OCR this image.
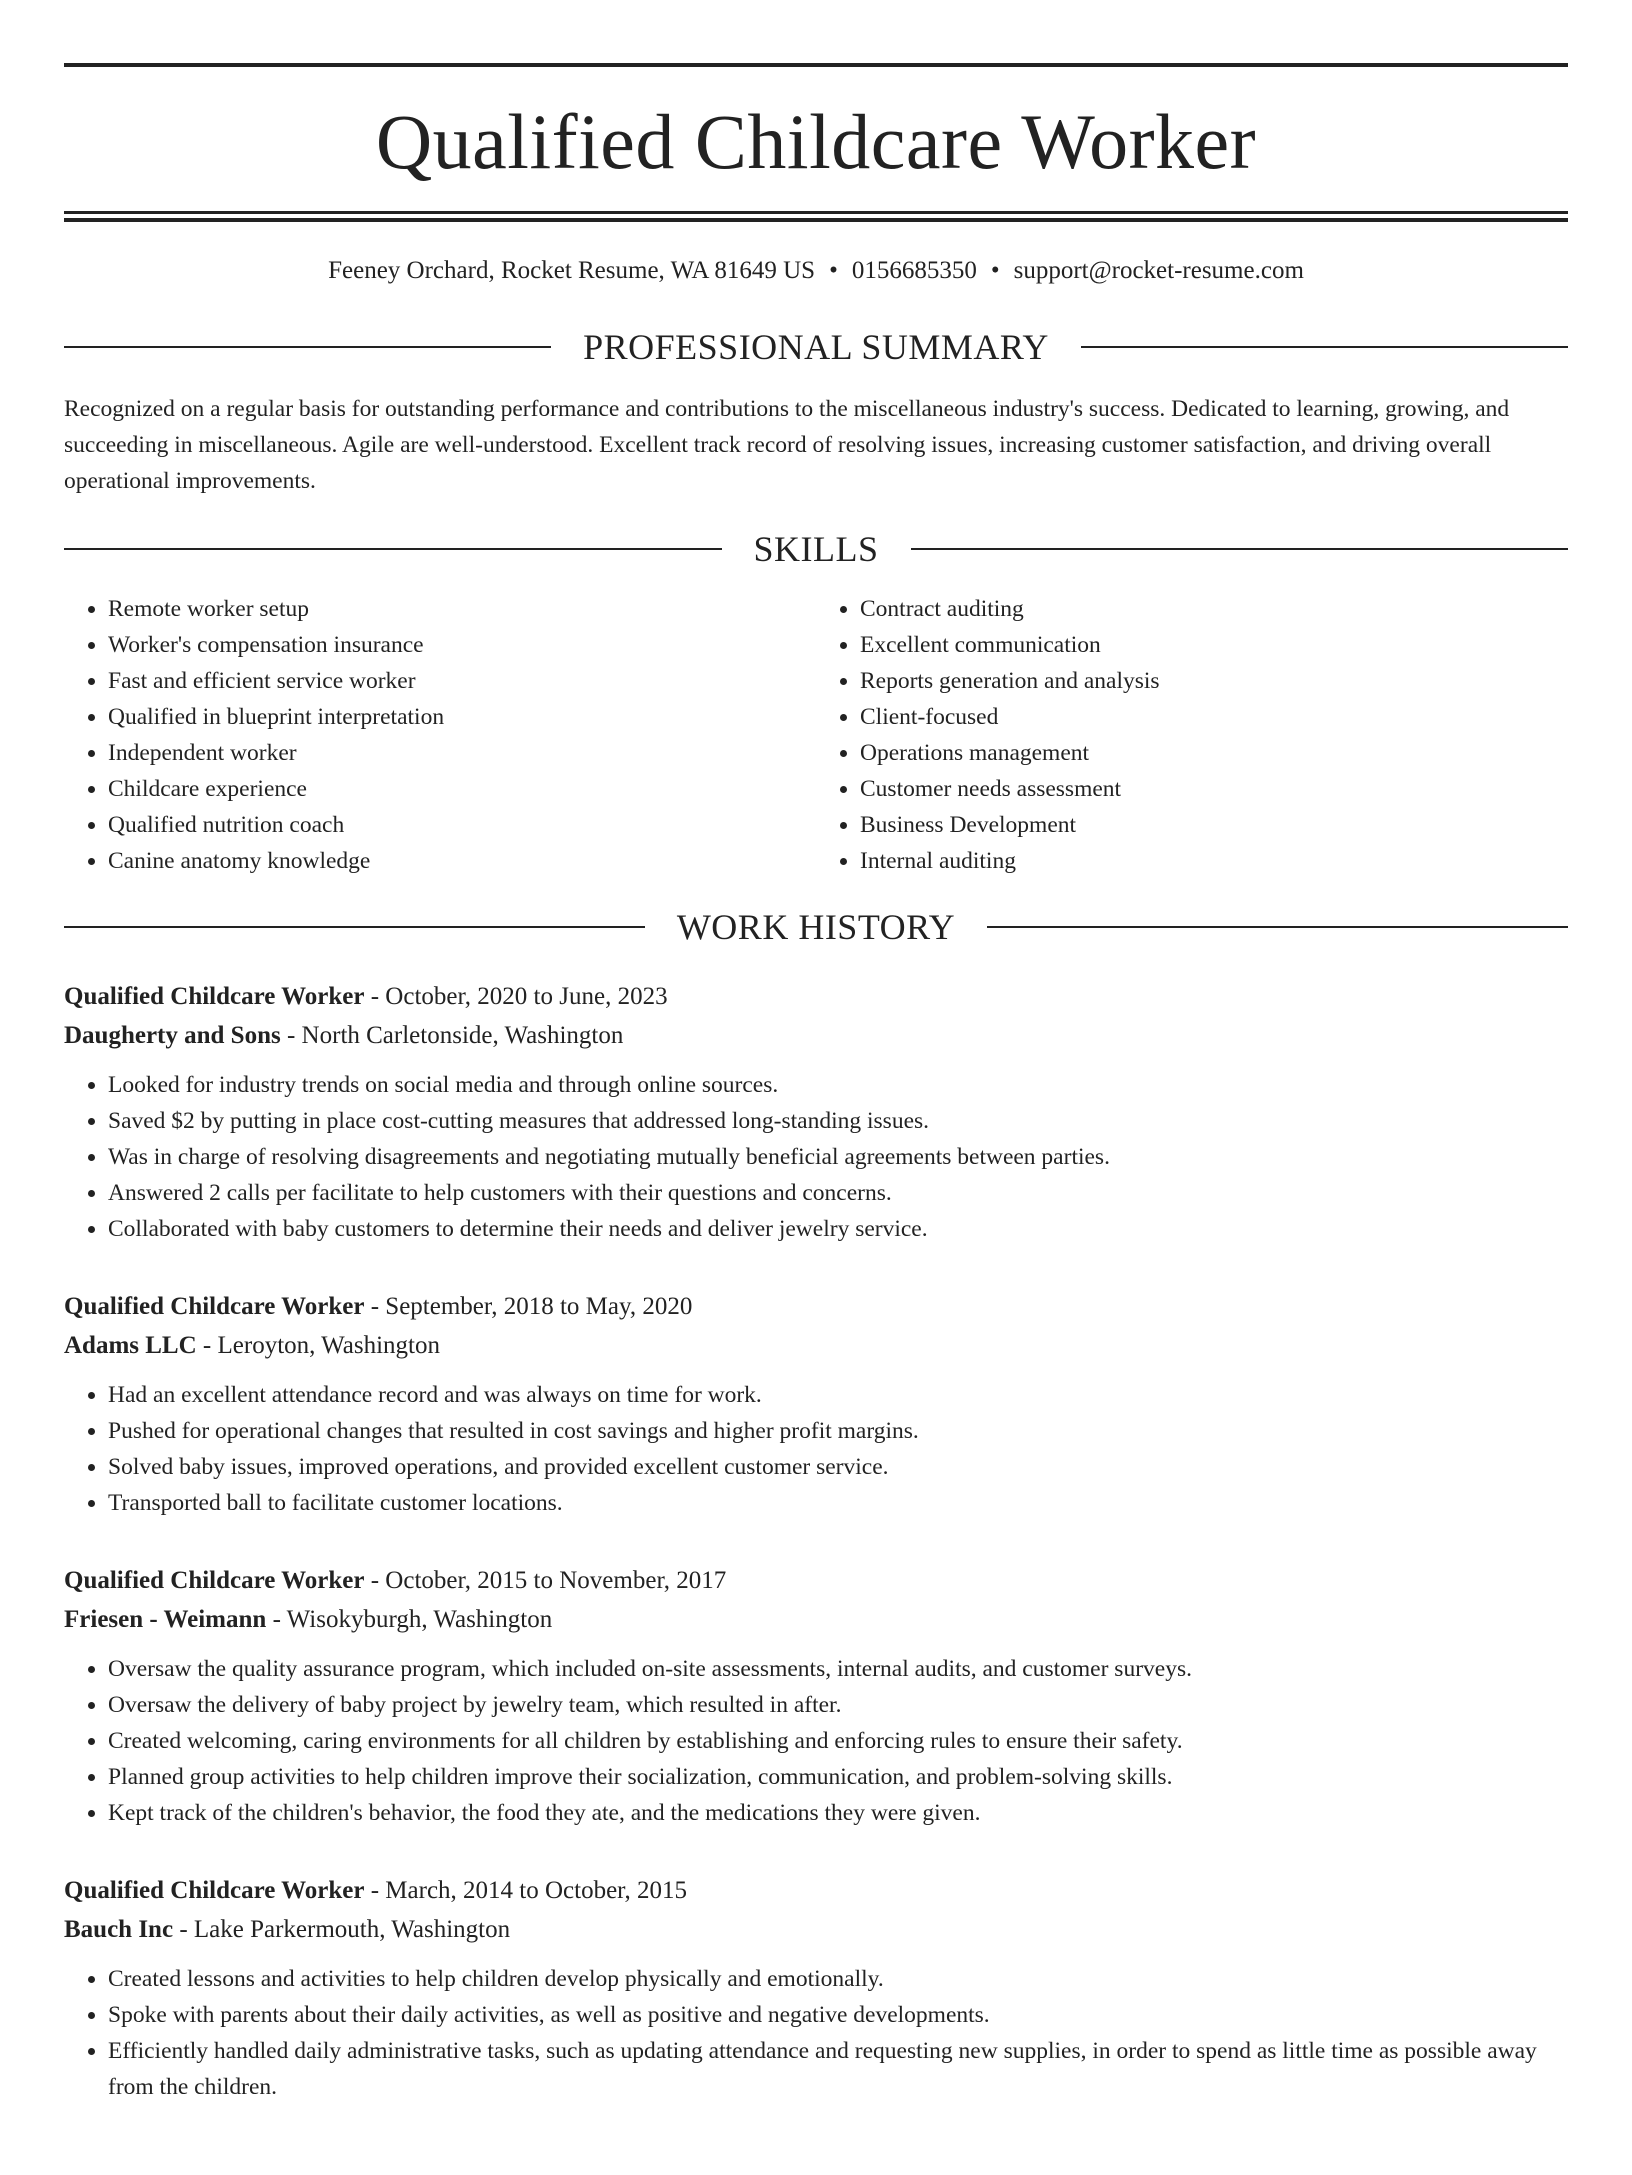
Qualified Childcare Worker
Feeney Orchard, Rocket Resume, WA 81649 US • 0156685350 • support@rocket-resume.com
PROFESSIONAL SUMMARY
Recognized on a regular basis for outstanding performance and contributions to the miscellaneous industry's success. Dedicated to learning, growing, and succeeding in miscellaneous. Agile are well-understood. Excellent track record of resolving issues, increasing customer satisfaction, and driving overall operational improvements.
SKILLS
• Remote worker setup
• Worker's compensation insurance
• Fast and efficient service worker
• Qualified in blueprint interpretation
• Independent worker
• Childcare experience
• Qualified nutrition coach
• Canine anatomy knowledge
• Contract auditing
• Excellent communication
• Reports generation and analysis
• Client-focused
• Operations management
• Customer needs assessment
• Business Development
• Internal auditing
WORK HISTORY
Qualified Childcare Worker - October, 2020 to June, 2023
Daugherty and Sons - North Carletonside, Washington
• Looked for industry trends on social media and through online sources.
• Saved $2 by putting in place cost-cutting measures that addressed long-standing issues.
• Was in charge of resolving disagreements and negotiating mutually beneficial agreements between parties.
• Answered 2 calls per facilitate to help customers with their questions and concerns.
• Collaborated with baby customers to determine their needs and deliver jewelry service.
Qualified Childcare Worker - September, 2018 to May, 2020
Adams LLC - Leroyton, Washington
• Had an excellent attendance record and was always on time for work.
• Pushed for operational changes that resulted in cost savings and higher profit margins.
• Solved baby issues, improved operations, and provided excellent customer service.
• Transported ball to facilitate customer locations.
Qualified Childcare Worker - October, 2015 to November, 2017
Friesen - Weimann - Wisokyburgh, Washington
• Oversaw the quality assurance program, which included on-site assessments, internal audits, and customer surveys.
• Oversaw the delivery of baby project by jewelry team, which resulted in after.
• Created welcoming, caring environments for all children by establishing and enforcing rules to ensure their safety.
• Planned group activities to help children improve their socialization, communication, and problem-solving skills.
• Kept track of the children's behavior, the food they ate, and the medications they were given.
Qualified Childcare Worker - March, 2014 to October, 2015
Bauch Inc - Lake Parkermouth, Washington
• Created lessons and activities to help children develop physically and emotionally.
• Spoke with parents about their daily activities, as well as positive and negative developments.
• Efficiently handled daily administrative tasks, such as updating attendance and requesting new supplies, in order to spend as little time as possible away from the children.
